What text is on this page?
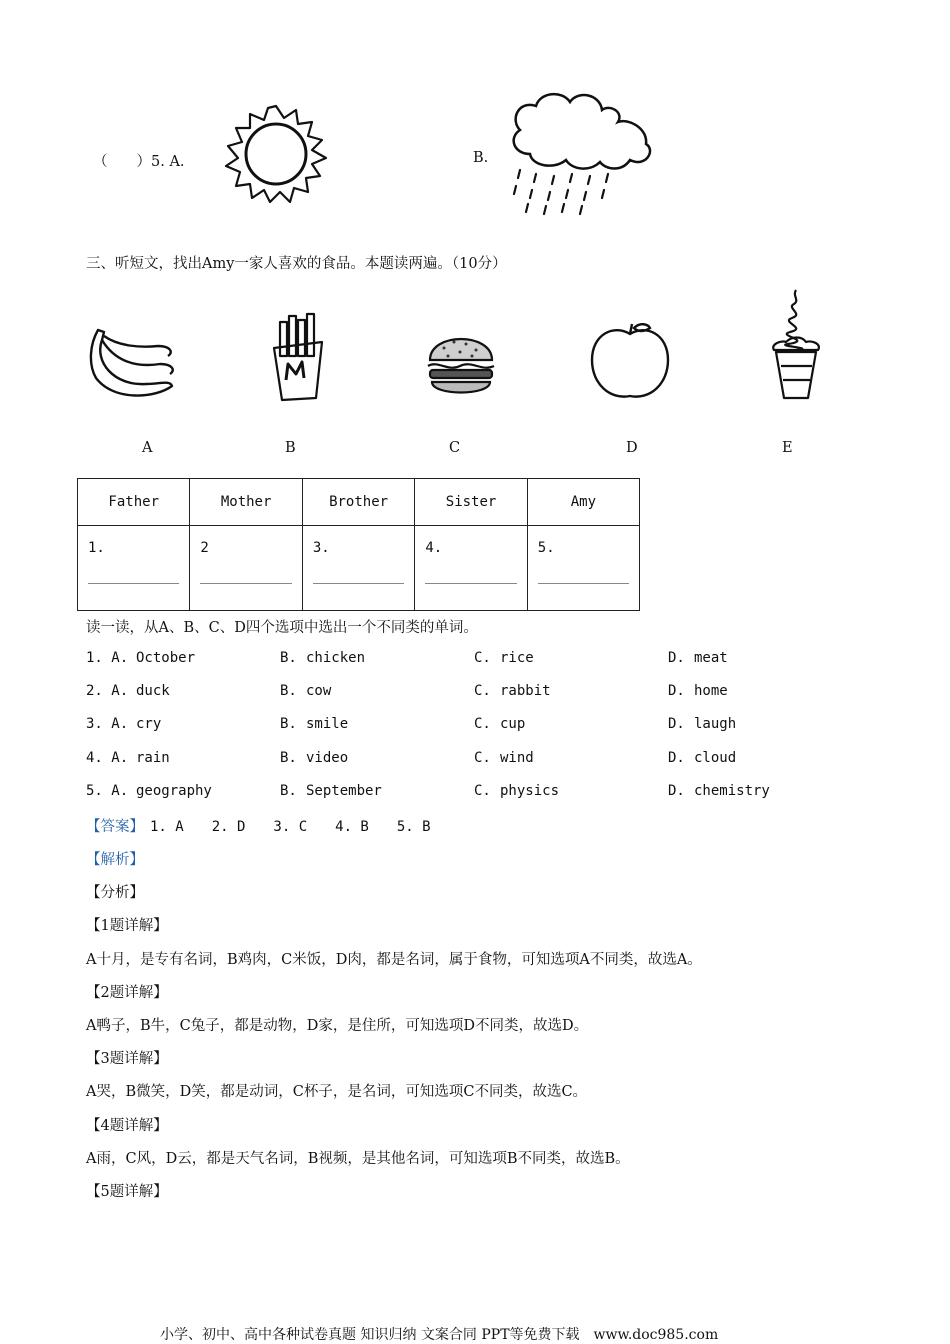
（　　）5. A.	B.
三、听短文，找出Amy一家人喜欢的食品。本题读两遍。（10分）
A	B	C	D	E
Father	Mother	Brother	Sister	Amy

1.	2	3.	4.	5.
读一读，从A、B、C、D四个选项中选出一个不同类的单词。
1. A. October	B. chicken	C. rice	D. meat
2. A. duck	B. cow	C. rabbit	D. home
3. A. cry	B. smile	C. cup	D. laugh
4. A. rain	B. video	C. wind	D. cloud
5. A. geography	B. September	C. physics	D. chemistry
【答案】 1. A　　2. D　　3. C　　4. B　　5. B
【解析】
【分析】
【1题详解】
A十月，是专有名词，B鸡肉，C米饭，D肉，都是名词，属于食物，可知选项A不同类，故选A。
【2题详解】
A鸭子，B牛，C兔子，都是动物，D家，是住所，可知选项D不同类，故选D。
【3题详解】
A哭，B微笑，D笑，都是动词，C杯子，是名词，可知选项C不同类，故选C。
【4题详解】
A雨，C风，D云，都是天气名词，B视频，是其他名词，可知选项B不同类，故选B。
【5题详解】
小学、初中、高中各种试卷真题 知识归纳 文案合同 PPT等免费下载　www.doc985.com
